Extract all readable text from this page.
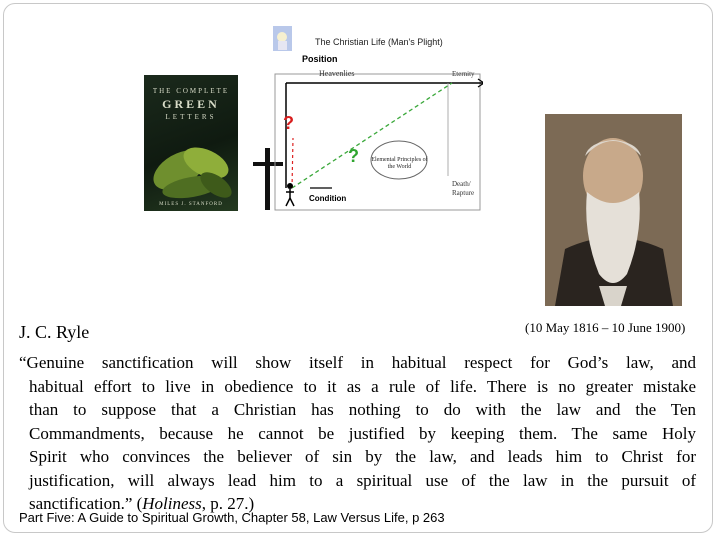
THE COMPLETE
GREEN
LETTERS
MILES J. STANFORD
The Christian Life (Man's Plight)
Position
Heavenlies	Eternity
Death/
Rapture
Condition
Elemental Principles of the World
?
?
J. C. Ryle	(10 May 1816 – 10 June 1900)
“Genuine sanctification will show itself in habitual respect for God’s law, and
habitual effort to live in obedience to it as a rule of life. There is no greater mistake
than to suppose that a Christian has nothing to do with the law and the Ten
Commandments, because he cannot be justified by keeping them. The same Holy
Spirit who convinces the believer of sin by the law, and leads him to Christ for
justification, will always lead him to a spiritual use of the law in the pursuit of
sanctification.” (Holiness, p. 27.)
Part Five: A Guide to Spiritual Growth, Chapter 58, Law Versus Life, p 263
